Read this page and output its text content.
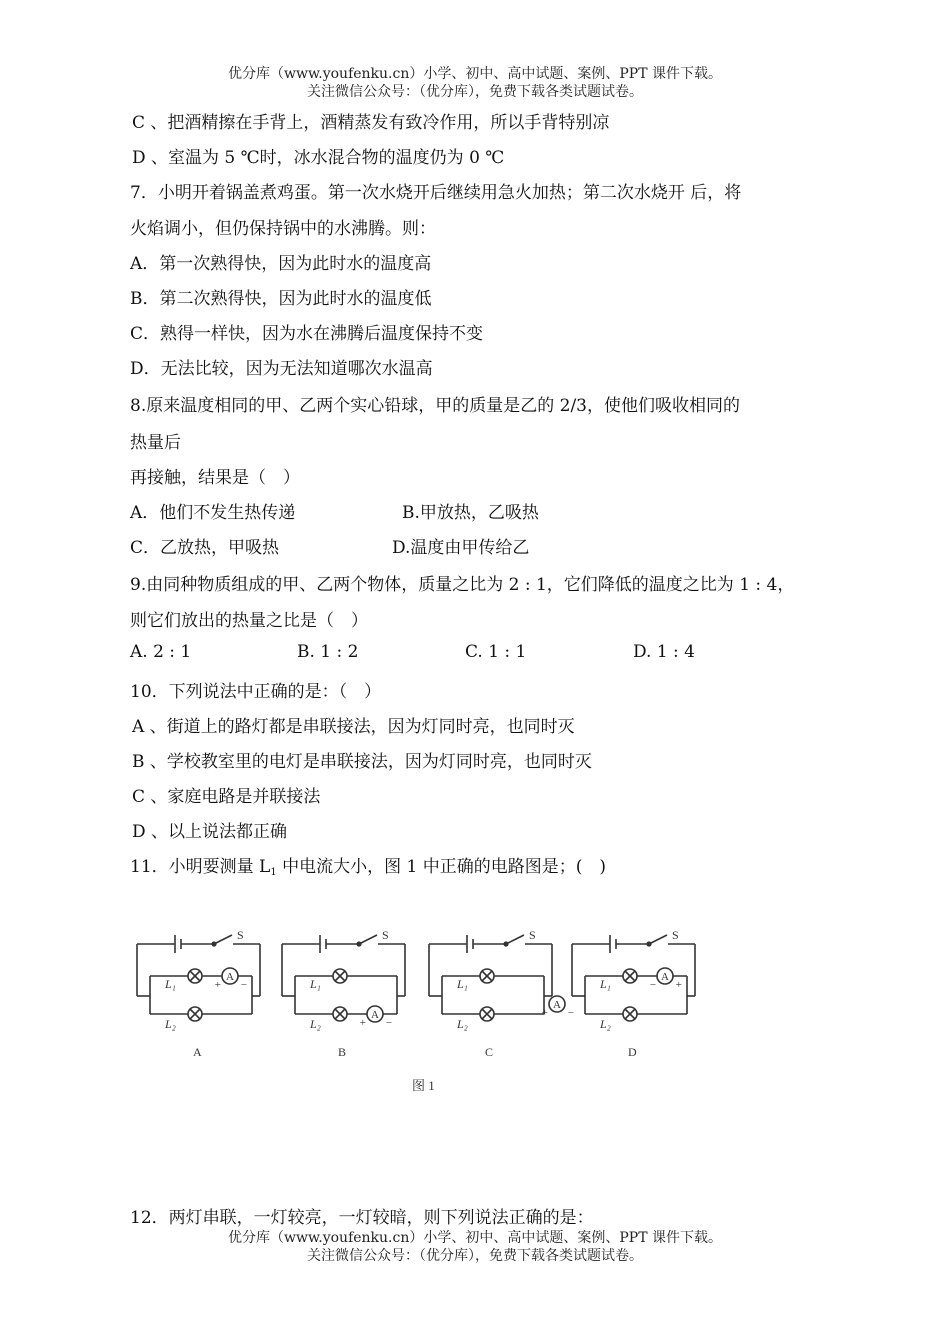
优分库（www.youfenku.cn）小学、初中、高中试题、案例、PPT 课件下载。
关注微信公众号：（优分库），免费下载各类试题试卷。
C 、把酒精擦在手背上，酒精蒸发有致冷作用，所以手背特别凉
D 、室温为 5 ℃时，冰水混合物的温度仍为 0 ℃
7．小明开着锅盖煮鸡蛋。第一次水烧开后继续用急火加热；第二次水烧开 后，将
火焰调小，但仍保持锅中的水沸腾。则：
A．第一次熟得快，因为此时水的温度高
B．第二次熟得快，因为此时水的温度低
C．熟得一样快，因为水在沸腾后温度保持不变
D．无法比较，因为无法知道哪次水温高
8.原来温度相同的甲、乙两个实心铅球，甲的质量是乙的 2/3，使他们吸收相同的
热量后
再接触，结果是（　）
A．他们不发生热传递	B.甲放热，乙吸热
C．乙放热，甲吸热	D.温度由甲传给乙
9.由同种物质组成的甲、乙两个物体，质量之比为 2 : 1，它们降低的温度之比为 1 : 4，
则它们放出的热量之比是（　）
A. 2 : 1	B. 1 : 2	C. 1 : 1	D. 1 : 4
10．下列说法中正确的是：（　）
A 、街道上的路灯都是串联接法，因为灯同时亮，也同时灭
B 、学校教室里的电灯是串联接法，因为灯同时亮，也同时灭
C 、家庭电路是并联接法
D 、以上说法都正确
11．小明要测量 $L_1$ 中电流大小，图 1 中正确的电路图是；(　)
S
L₁
L₂
A
+ −
A
S
L₁
L₂
A
+ −
B
S
L₁
L₂
A
+ −
C
S
L₁
L₂
A
− +
D
图 1
12．两灯串联，一灯较亮，一灯较暗，则下列说法正确的是：
优分库（www.youfenku.cn）小学、初中、高中试题、案例、PPT 课件下载。
关注微信公众号：（优分库），免费下载各类试题试卷。
